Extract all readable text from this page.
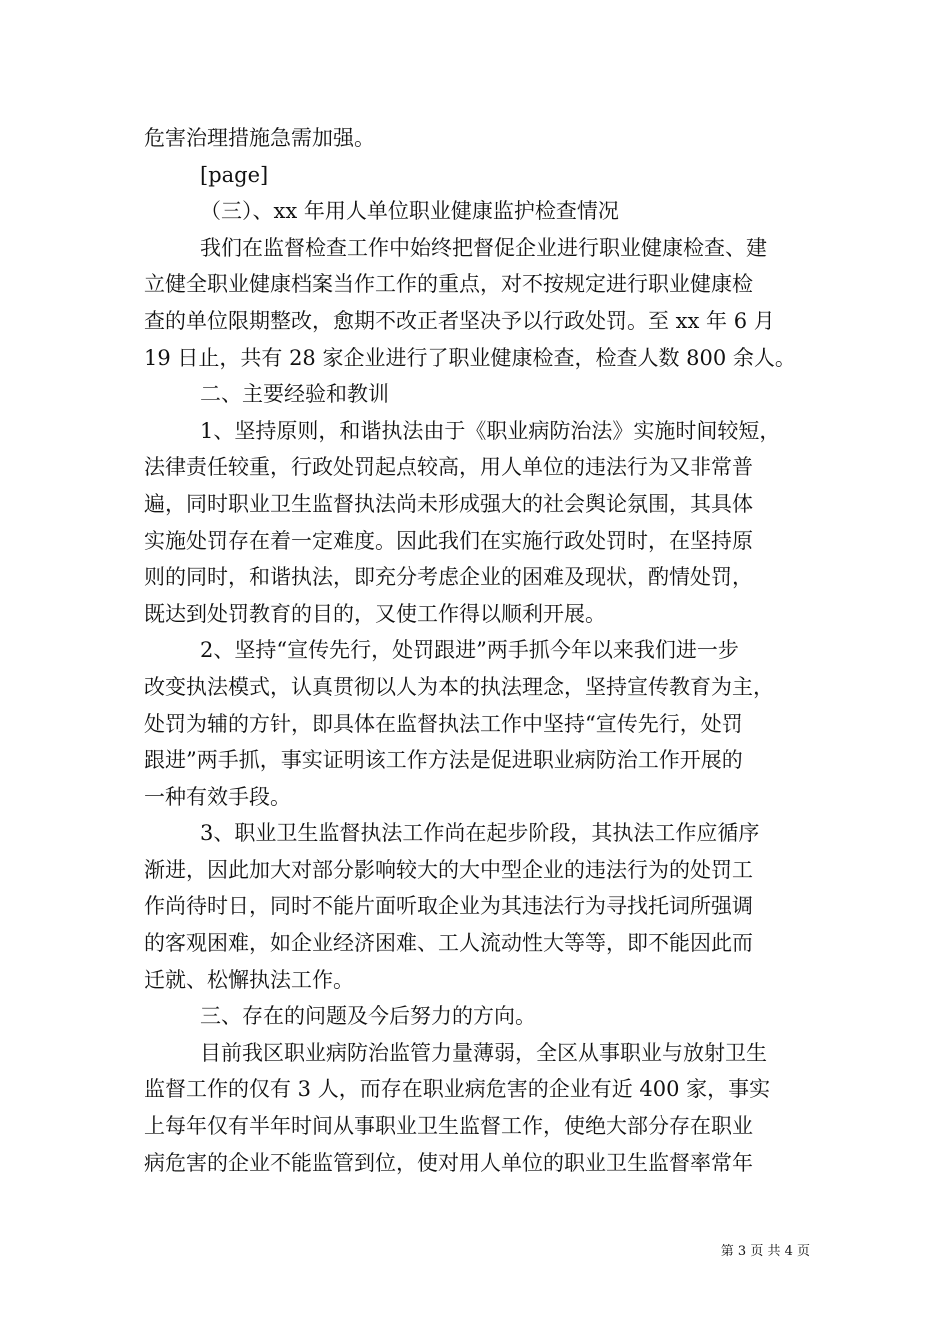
危害治理措施急需加强。
[page]
（三）、xx 年用人单位职业健康监护检查情况
我们在监督检查工作中始终把督促企业进行职业健康检查、建
立健全职业健康档案当作工作的重点，对不按规定进行职业健康检
查的单位限期整改，愈期不改正者坚决予以行政处罚。至 xx 年 6 月
19 日止，共有 28 家企业进行了职业健康检查，检查人数 800 余人。
二、主要经验和教训
1、坚持原则，和谐执法由于《职业病防治法》实施时间较短，
法律责任较重，行政处罚起点较高，用人单位的违法行为又非常普
遍，同时职业卫生监督执法尚未形成强大的社会舆论氛围，其具体
实施处罚存在着一定难度。因此我们在实施行政处罚时，在坚持原
则的同时，和谐执法，即充分考虑企业的困难及现状，酌情处罚，
既达到处罚教育的目的，又使工作得以顺利开展。
2、坚持“宣传先行，处罚跟进”两手抓今年以来我们进一步
改变执法模式，认真贯彻以人为本的执法理念，坚持宣传教育为主，
处罚为辅的方针，即具体在监督执法工作中坚持“宣传先行，处罚
跟进”两手抓，事实证明该工作方法是促进职业病防治工作开展的
一种有效手段。
3、职业卫生监督执法工作尚在起步阶段，其执法工作应循序
渐进，因此加大对部分影响较大的大中型企业的违法行为的处罚工
作尚待时日，同时不能片面听取企业为其违法行为寻找托词所强调
的客观困难，如企业经济困难、工人流动性大等等，即不能因此而
迁就、松懈执法工作。
三、存在的问题及今后努力的方向。
目前我区职业病防治监管力量薄弱，全区从事职业与放射卫生
监督工作的仅有 3 人，而存在职业病危害的企业有近 400 家，事实
上每年仅有半年时间从事职业卫生监督工作，使绝大部分存在职业
病危害的企业不能监管到位，使对用人单位的职业卫生监督率常年
第 3 页 共 4 页
